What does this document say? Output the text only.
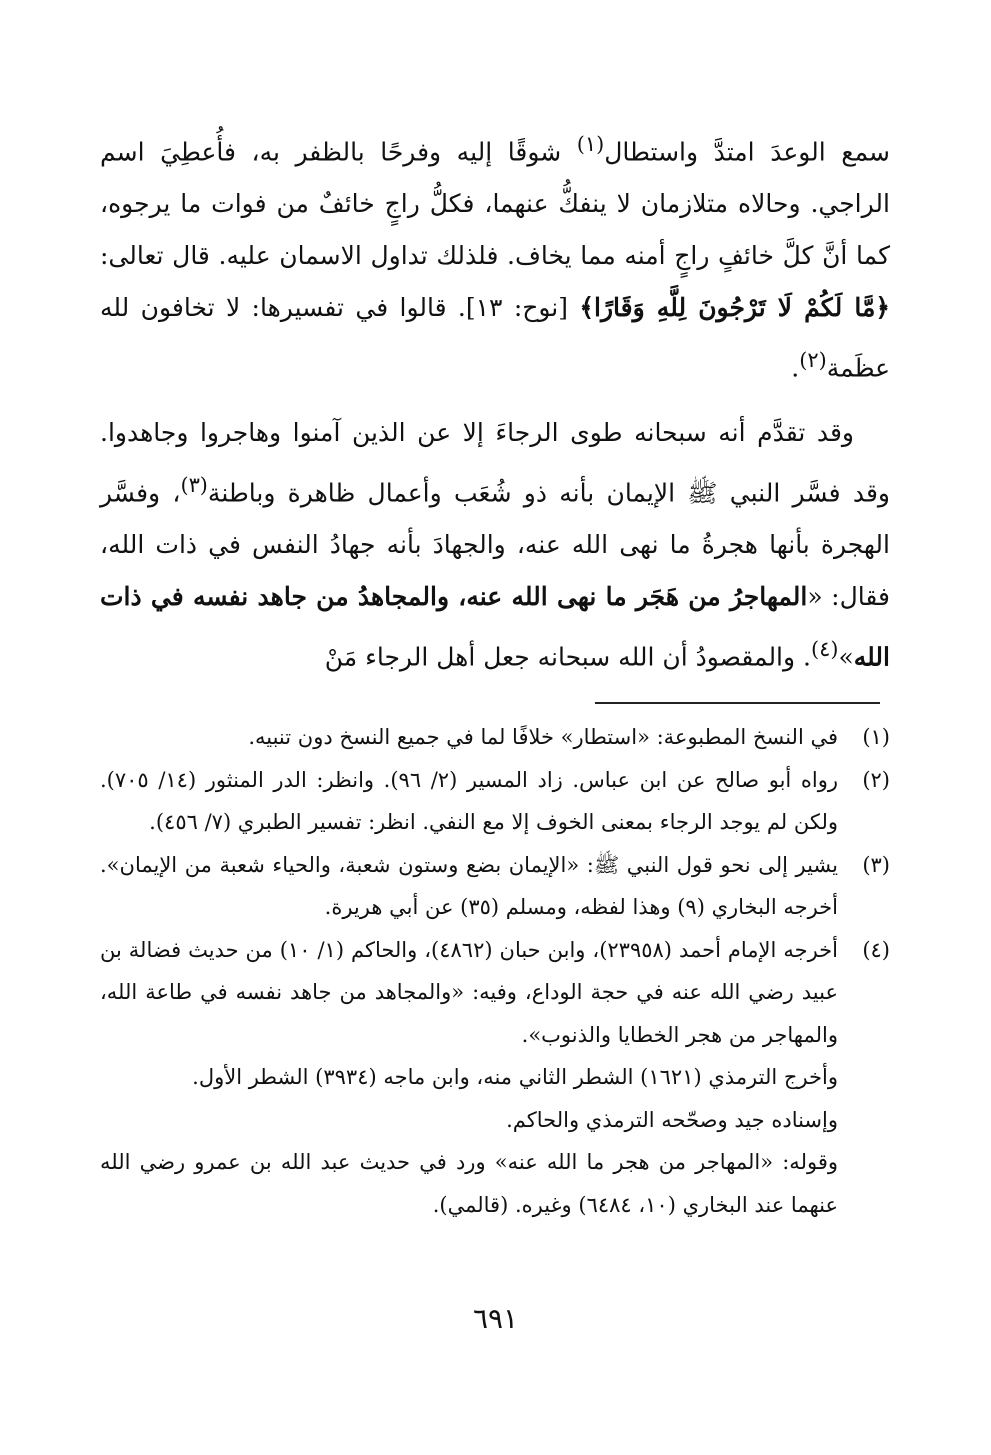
سمع الوعدَ امتدَّ واستطال$^{(١)}$ شوقًا إليه وفرحًا بالظفر به، فأُعطِيَ اسم الراجي. وحالاه متلازمان لا ينفكُّ عنهما، فكلُّ راجٍ خائفٌ من فوات ما يرجوه، كما أنَّ كلَّ خائفٍ راجٍ أمنه مما يخاف. فلذلك تداول الاسمان عليه. قال تعالى: ﴿مَّا لَكُمْ لَا تَرْجُونَ لِلَّهِ وَقَارًا﴾ [نوح: ١٣]. قالوا في تفسيرها: لا تخافون لله عظَمة$^{(٢)}$.

وقد تقدَّم أنه سبحانه طوى الرجاءَ إلا عن الذين آمنوا وهاجروا وجاهدوا. وقد فسَّر النبي ﷺ الإيمان بأنه ذو شُعَب وأعمال ظاهرة وباطنة$^{(٣)}$، وفسَّر الهجرة بأنها هجرةُ ما نهى الله عنه، والجهادَ بأنه جهادُ النفس في ذات الله، فقال: «المهاجرُ من هَجَر ما نهى الله عنه، والمجاهدُ من جاهد نفسه في ذات الله»$^{(٤)}$. والمقصودُ أن الله سبحانه جعل أهل الرجاء مَنْ

(١)
في النسخ المطبوعة: «استطار» خلافًا لما في جميع النسخ دون تنبيه.
(٢)
رواه أبو صالح عن ابن عباس. زاد المسير (٢/ ٩٦). وانظر: الدر المنثور (١٤/ ٧٠٥). ولكن لم يوجد الرجاء بمعنى الخوف إلا مع النفي. انظر: تفسير الطبري (٧/ ٤٥٦).
(٣)
يشير إلى نحو قول النبي ﷺ: «الإيمان بضع وستون شعبة، والحياء شعبة من الإيمان». أخرجه البخاري (٩) وهذا لفظه، ومسلم (٣٥) عن أبي هريرة.
(٤)
أخرجه الإمام أحمد (٢٣٩٥٨)، وابن حبان (٤٨٦٢)، والحاكم (١/ ١٠) من حديث فضالة بن عبيد رضي الله عنه في حجة الوداع، وفيه: «والمجاهد من جاهد نفسه في طاعة الله، والمهاجر من هجر الخطايا والذنوب».
وأخرج الترمذي (١٦٢١) الشطر الثاني منه، وابن ماجه (٣٩٣٤) الشطر الأول.
وإسناده جيد وصحّحه الترمذي والحاكم.
وقوله: «المهاجر من هجر ما الله عنه» ورد في حديث عبد الله بن عمرو رضي الله عنهما عند البخاري (١٠، ٦٤٨٤) وغيره. (قالمي).
٦٩١
